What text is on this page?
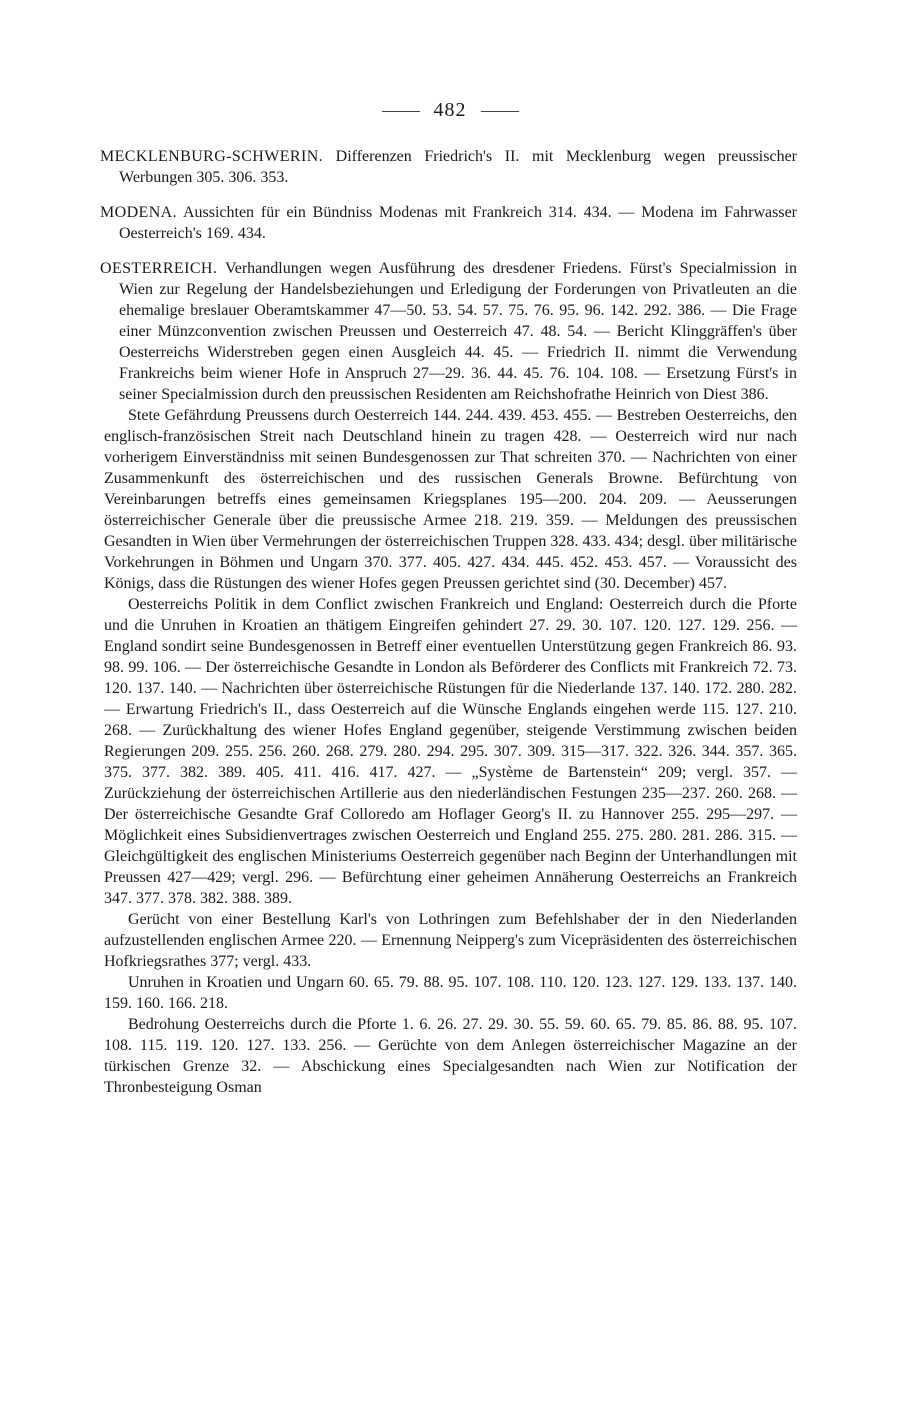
482

MECKLENBURG-SCHWERIN. Differenzen Friedrich's II. mit Mecklenburg wegen preussischer Werbungen 305. 306. 353.

MODENA. Aussichten für ein Bündniss Modenas mit Frankreich 314. 434. — Modena im Fahrwasser Oesterreich's 169. 434.

OESTERREICH. Verhandlungen wegen Ausführung des dresdener Friedens. Fürst's Specialmission in Wien zur Regelung der Handelsbeziehungen und Erledigung der Forderungen von Privatleuten an die ehemalige breslauer Oberamtskammer 47—50. 53. 54. 57. 75. 76. 95. 96. 142. 292. 386. — Die Frage einer Münzconvention zwischen Preussen und Oesterreich 47. 48. 54. — Bericht Klinggräffen's über Oesterreichs Widerstreben gegen einen Ausgleich 44. 45. — Friedrich II. nimmt die Verwendung Frankreichs beim wiener Hofe in Anspruch 27—29. 36. 44. 45. 76. 104. 108. — Ersetzung Fürst's in seiner Specialmission durch den preussischen Residenten am Reichshofrathe Heinrich von Diest 386.

Stete Gefährdung Preussens durch Oesterreich 144. 244. 439. 453. 455. — Bestreben Oesterreichs, den englisch-französischen Streit nach Deutschland hinein zu tragen 428. — Oesterreich wird nur nach vorherigem Einverständniss mit seinen Bundesgenossen zur That schreiten 370. — Nachrichten von einer Zusammenkunft des österreichischen und des russischen Generals Browne. Befürchtung von Vereinbarungen betreffs eines gemeinsamen Kriegsplanes 195—200. 204. 209. — Aeusserungen österreichischer Generale über die preussische Armee 218. 219. 359. — Meldungen des preussischen Gesandten in Wien über Vermehrungen der österreichischen Truppen 328. 433. 434; desgl. über militärische Vorkehrungen in Böhmen und Ungarn 370. 377. 405. 427. 434. 445. 452. 453. 457. — Voraussicht des Königs, dass die Rüstungen des wiener Hofes gegen Preussen gerichtet sind (30. December) 457.

Oesterreichs Politik in dem Conflict zwischen Frankreich und England: Oesterreich durch die Pforte und die Unruhen in Kroatien an thätigem Eingreifen gehindert 27. 29. 30. 107. 120. 127. 129. 256. — England sondirt seine Bundesgenossen in Betreff einer eventuellen Unterstützung gegen Frankreich 86. 93. 98. 99. 106. — Der österreichische Gesandte in London als Beförderer des Conflicts mit Frankreich 72. 73. 120. 137. 140. — Nachrichten über österreichische Rüstungen für die Niederlande 137. 140. 172. 280. 282. — Erwartung Friedrich's II., dass Oesterreich auf die Wünsche Englands eingehen werde 115. 127. 210. 268. — Zurückhaltung des wiener Hofes England gegenüber, steigende Verstimmung zwischen beiden Regierungen 209. 255. 256. 260. 268. 279. 280. 294. 295. 307. 309. 315—317. 322. 326. 344. 357. 365. 375. 377. 382. 389. 405. 411. 416. 417. 427. — „Système de Bartenstein“ 209; vergl. 357. — Zurückziehung der österreichischen Artillerie aus den niederländischen Festungen 235—237. 260. 268. — Der österreichische Gesandte Graf Colloredo am Hoflager Georg's II. zu Hannover 255. 295—297. — Möglichkeit eines Subsidienvertrages zwischen Oesterreich und England 255. 275. 280. 281. 286. 315. — Gleichgültigkeit des englischen Ministeriums Oesterreich gegenüber nach Beginn der Unterhandlungen mit Preussen 427—429; vergl. 296. — Befürchtung einer geheimen Annäherung Oesterreichs an Frankreich 347. 377. 378. 382. 388. 389.

Gerücht von einer Bestellung Karl's von Lothringen zum Befehlshaber der in den Niederlanden aufzustellenden englischen Armee 220. — Ernennung Neipperg's zum Vicepräsidenten des österreichischen Hofkriegsrathes 377; vergl. 433.

Unruhen in Kroatien und Ungarn 60. 65. 79. 88. 95. 107. 108. 110. 120. 123. 127. 129. 133. 137. 140. 159. 160. 166. 218.

Bedrohung Oesterreichs durch die Pforte 1. 6. 26. 27. 29. 30. 55. 59. 60. 65. 79. 85. 86. 88. 95. 107. 108. 115. 119. 120. 127. 133. 256. — Gerüchte von dem Anlegen österreichischer Magazine an der türkischen Grenze 32. — Abschickung eines Specialgesandten nach Wien zur Notification der Thronbesteigung Osman
